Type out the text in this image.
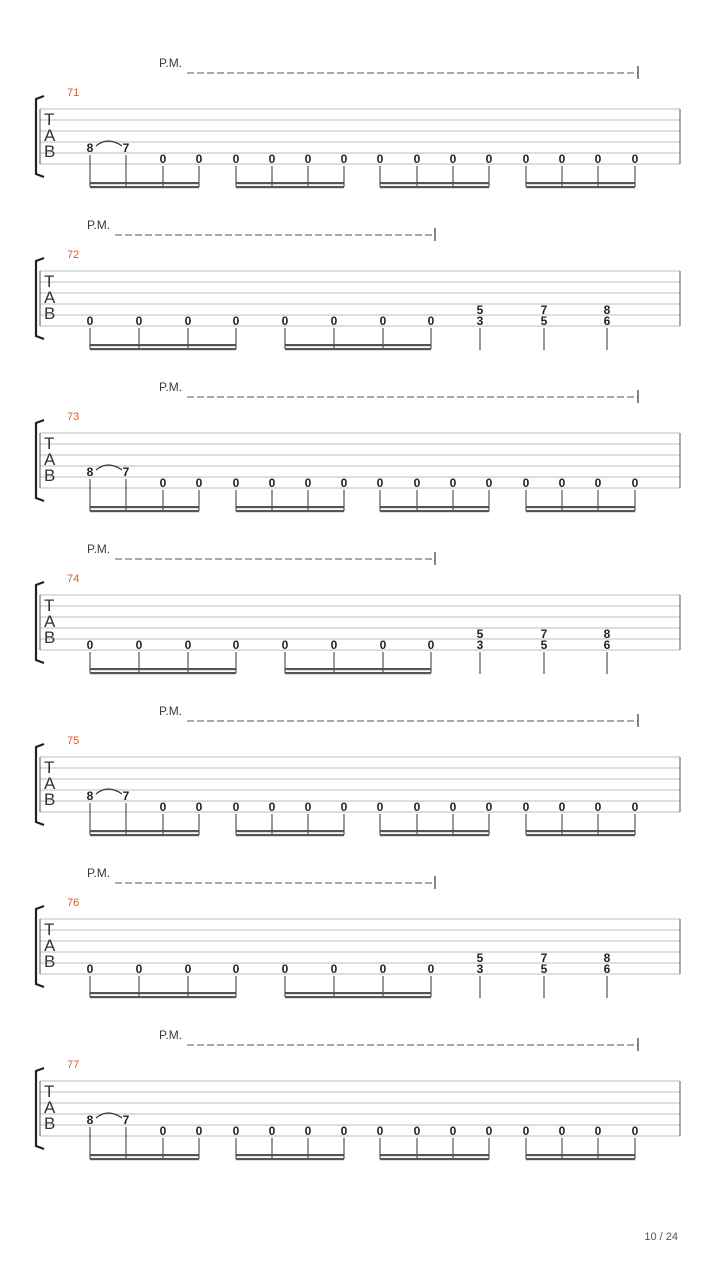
P.M.
71
T
A
B	8 7
0 0	0 0 0 0 0	0 0 0	0 0 0	0
P.M.
72
T
A
B	0	0	0	0	0	0	0	0
5
3
7
5
8
6
P.M.
73
T
A
B	8 7
0 0	0 0 0 0 0	0 0 0	0 0 0	0
P.M.
74
T
A
B	0	0	0	0	0	0	0	0
5
3
7
5
8
6
P.M.
75
T
A
B	8 7
0 0	0 0 0 0 0	0 0 0	0 0 0	0
P.M.
76
T
A
B	0	0	0	0	0	0	0	0
5
3
7
5
8
6
P.M.
77
T
A
B	8 7
0 0	0 0 0 0 0	0 0 0	0 0 0	0
10 / 24
